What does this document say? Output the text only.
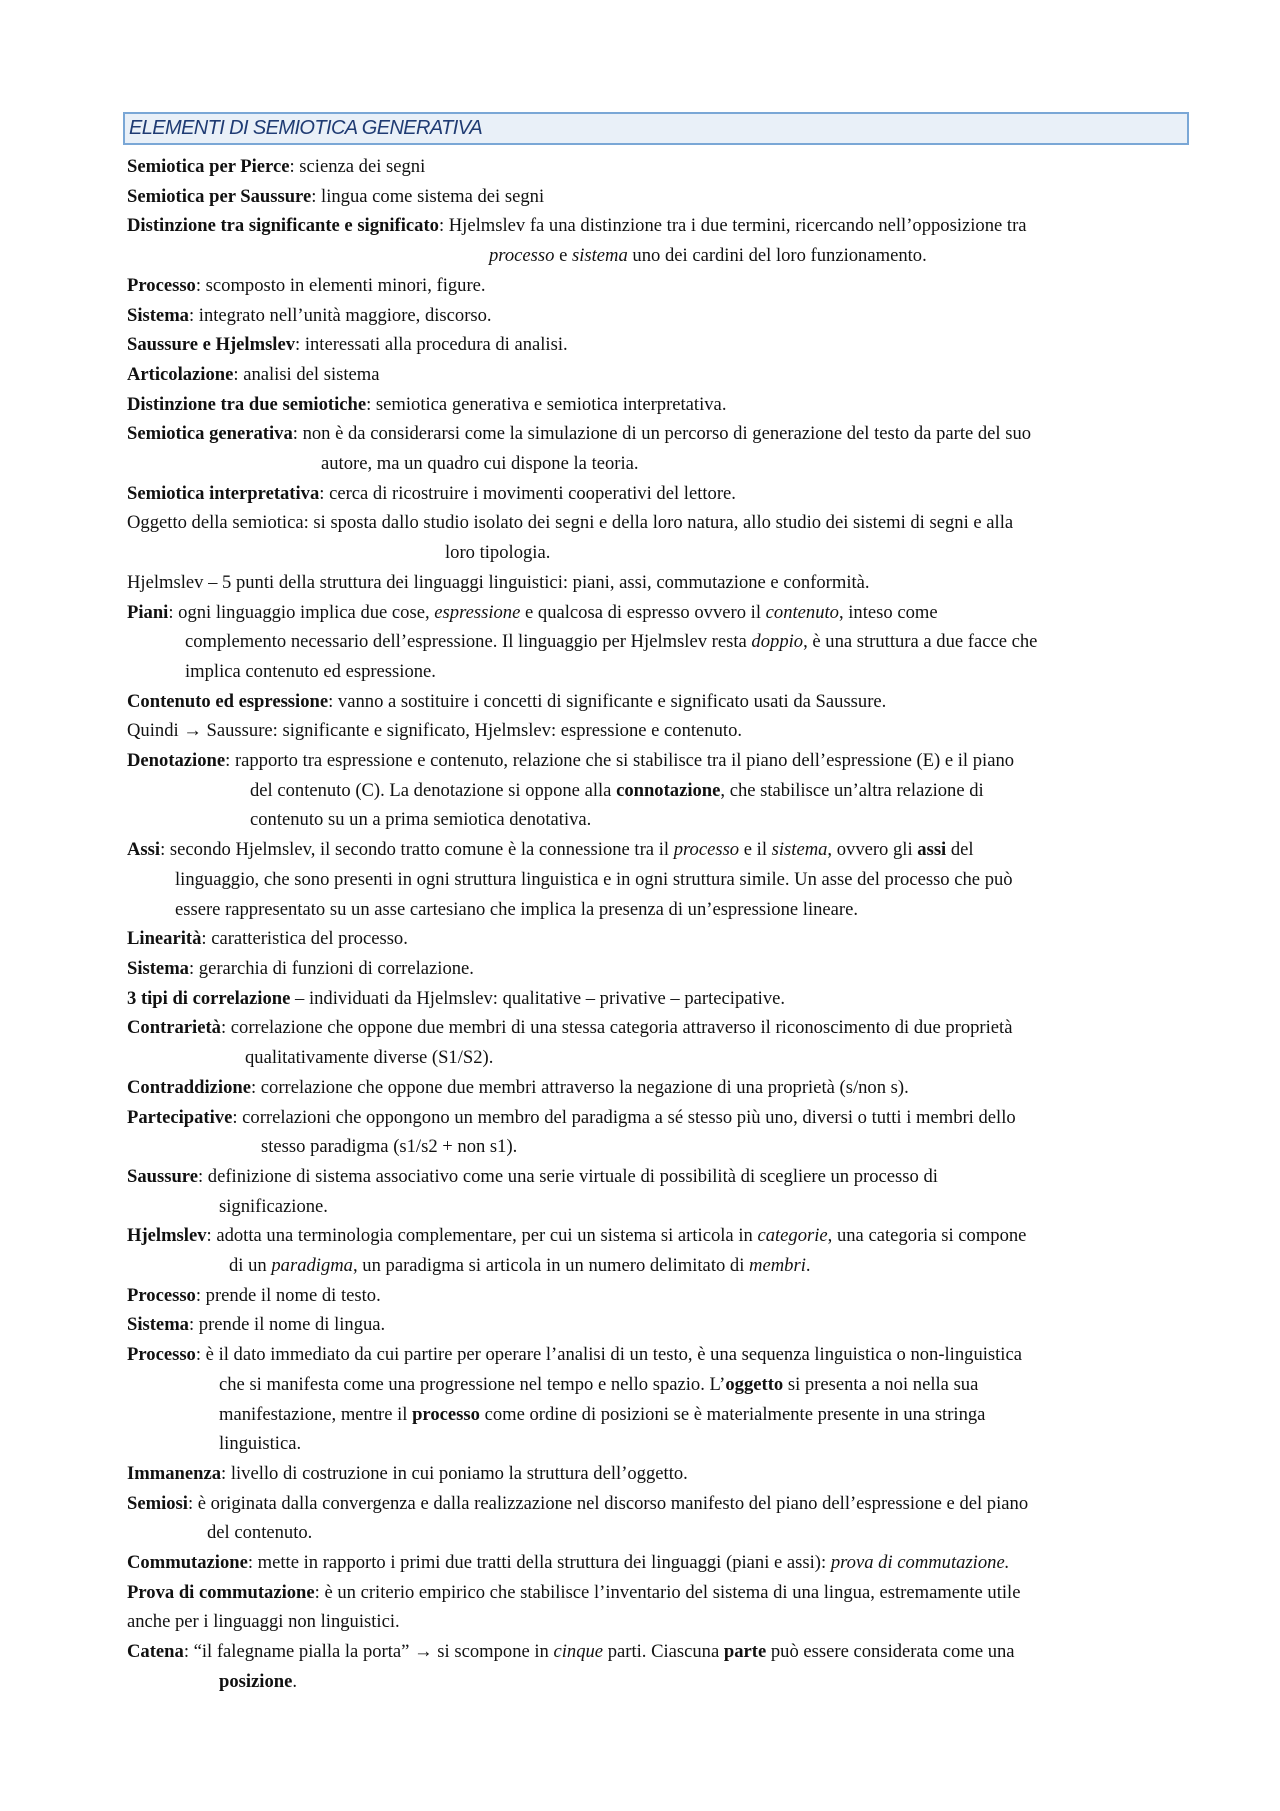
ELEMENTI DI SEMIOTICA GENERATIVA
Semiotica per Pierce: scienza dei segni
Semiotica per Saussure: lingua come sistema dei segni
Distinzione tra significante e significato: Hjelmslev fa una distinzione tra i due termini, ricercando nell’opposizione tra
processo e sistema uno dei cardini del loro funzionamento.
Processo: scomposto in elementi minori, figure.
Sistema: integrato nell’unità maggiore, discorso.
Saussure e Hjelmslev: interessati alla procedura di analisi.
Articolazione: analisi del sistema
Distinzione tra due semiotiche: semiotica generativa e semiotica interpretativa.
Semiotica generativa: non è da considerarsi come la simulazione di un percorso di generazione del testo da parte del suo
autore, ma un quadro cui dispone la teoria.
Semiotica interpretativa: cerca di ricostruire i movimenti cooperativi del lettore.
Oggetto della semiotica: si sposta dallo studio isolato dei segni e della loro natura, allo studio dei sistemi di segni e alla
loro tipologia.
Hjelmslev – 5 punti della struttura dei linguaggi linguistici: piani, assi, commutazione e conformità.
Piani: ogni linguaggio implica due cose, espressione e qualcosa di espresso ovvero il contenuto, inteso come
complemento necessario dell’espressione. Il linguaggio per Hjelmslev resta doppio, è una struttura a due facce che
implica contenuto ed espressione.
Contenuto ed espressione: vanno a sostituire i concetti di significante e significato usati da Saussure.
Quindi → Saussure: significante e significato, Hjelmslev: espressione e contenuto.
Denotazione: rapporto tra espressione e contenuto, relazione che si stabilisce tra il piano dell’espressione (E) e il piano
del contenuto (C). La denotazione si oppone alla connotazione, che stabilisce un’altra relazione di
contenuto su un a prima semiotica denotativa.
Assi: secondo Hjelmslev, il secondo tratto comune è la connessione tra il processo e il sistema, ovvero gli assi del
linguaggio, che sono presenti in ogni struttura linguistica e in ogni struttura simile. Un asse del processo che può
essere rappresentato su un asse cartesiano che implica la presenza di un’espressione lineare.
Linearità: caratteristica del processo.
Sistema: gerarchia di funzioni di correlazione.
3 tipi di correlazione – individuati da Hjelmslev: qualitative – privative – partecipative.
Contrarietà: correlazione che oppone due membri di una stessa categoria attraverso il riconoscimento di due proprietà
qualitativamente diverse (S1/S2).
Contraddizione: correlazione che oppone due membri attraverso la negazione di una proprietà (s/non s).
Partecipative: correlazioni che oppongono un membro del paradigma a sé stesso più uno, diversi o tutti i membri dello
stesso paradigma (s1/s2 + non s1).
Saussure: definizione di sistema associativo come una serie virtuale di possibilità di scegliere un processo di
significazione.
Hjelmslev: adotta una terminologia complementare, per cui un sistema si articola in categorie, una categoria si compone
di un paradigma, un paradigma si articola in un numero delimitato di membri.
Processo: prende il nome di testo.
Sistema: prende il nome di lingua.
Processo: è il dato immediato da cui partire per operare l’analisi di un testo, è una sequenza linguistica o non-linguistica
che si manifesta come una progressione nel tempo e nello spazio. L’oggetto si presenta a noi nella sua
manifestazione, mentre il processo come ordine di posizioni se è materialmente presente in una stringa
linguistica.
Immanenza: livello di costruzione in cui poniamo la struttura dell’oggetto.
Semiosi: è originata dalla convergenza e dalla realizzazione nel discorso manifesto del piano dell’espressione e del piano
del contenuto.
Commutazione: mette in rapporto i primi due tratti della struttura dei linguaggi (piani e assi): prova di commutazione.
Prova di commutazione: è un criterio empirico che stabilisce l’inventario del sistema di una lingua, estremamente utile
anche per i linguaggi non linguistici.
Catena: “il falegname pialla la porta” → si scompone in cinque parti. Ciascuna parte può essere considerata come una
posizione.
